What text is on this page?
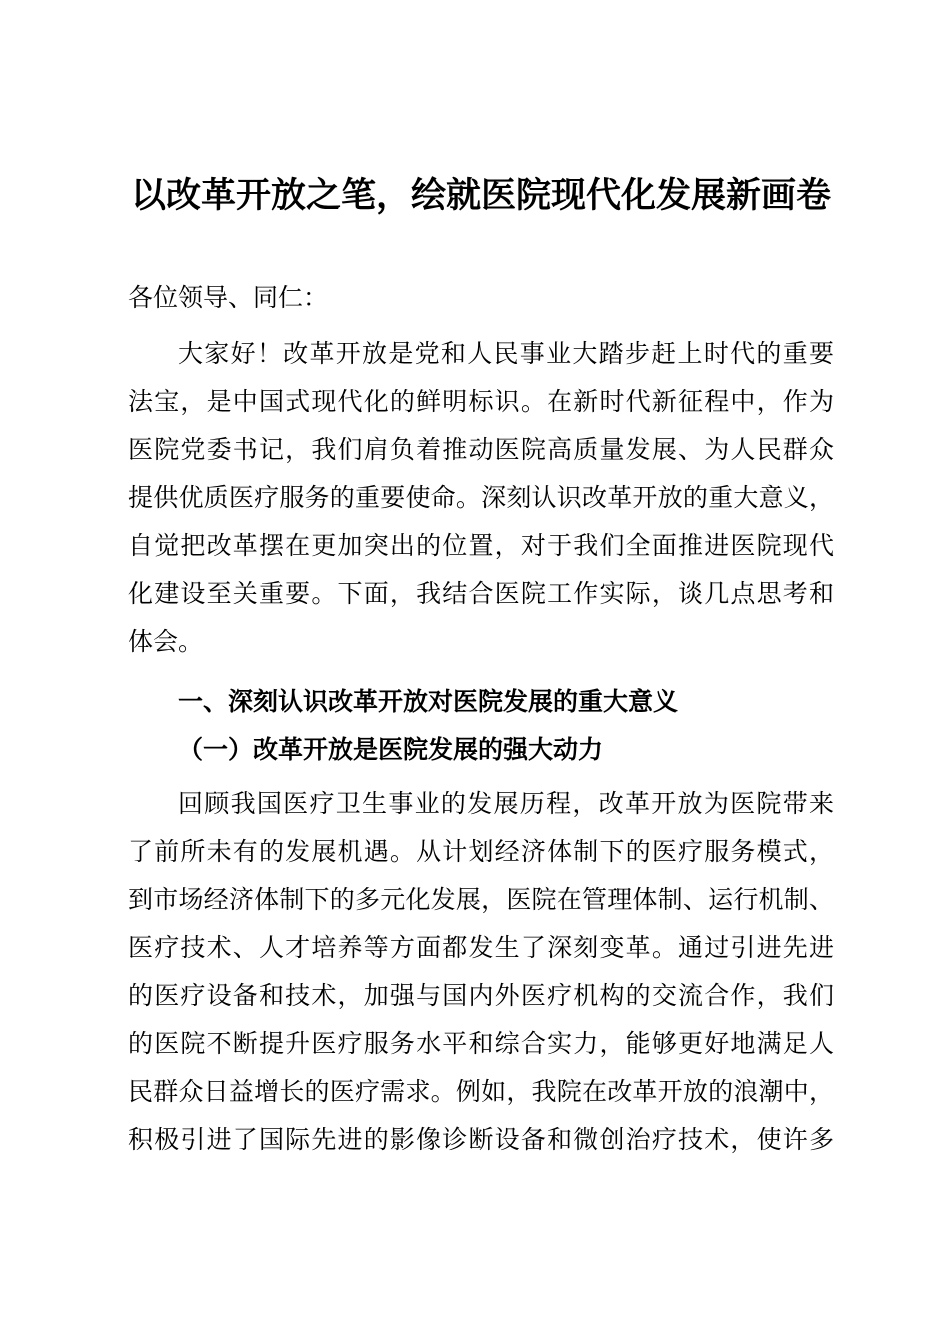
以改革开放之笔，绘就医院现代化发展新画卷
各位领导、同仁：
大家好！改革开放是党和人民事业大踏步赶上时代的重要
法宝，是中国式现代化的鲜明标识。在新时代新征程中，作为
医院党委书记，我们肩负着推动医院高质量发展、为人民群众
提供优质医疗服务的重要使命。深刻认识改革开放的重大意义，
自觉把改革摆在更加突出的位置，对于我们全面推进医院现代
化建设至关重要。下面，我结合医院工作实际，谈几点思考和
体会。
一、深刻认识改革开放对医院发展的重大意义
（一）改革开放是医院发展的强大动力
回顾我国医疗卫生事业的发展历程，改革开放为医院带来
了前所未有的发展机遇。从计划经济体制下的医疗服务模式，
到市场经济体制下的多元化发展，医院在管理体制、运行机制、
医疗技术、人才培养等方面都发生了深刻变革。通过引进先进
的医疗设备和技术，加强与国内外医疗机构的交流合作，我们
的医院不断提升医疗服务水平和综合实力，能够更好地满足人
民群众日益增长的医疗需求。例如，我院在改革开放的浪潮中，
积极引进了国际先进的影像诊断设备和微创治疗技术，使许多
